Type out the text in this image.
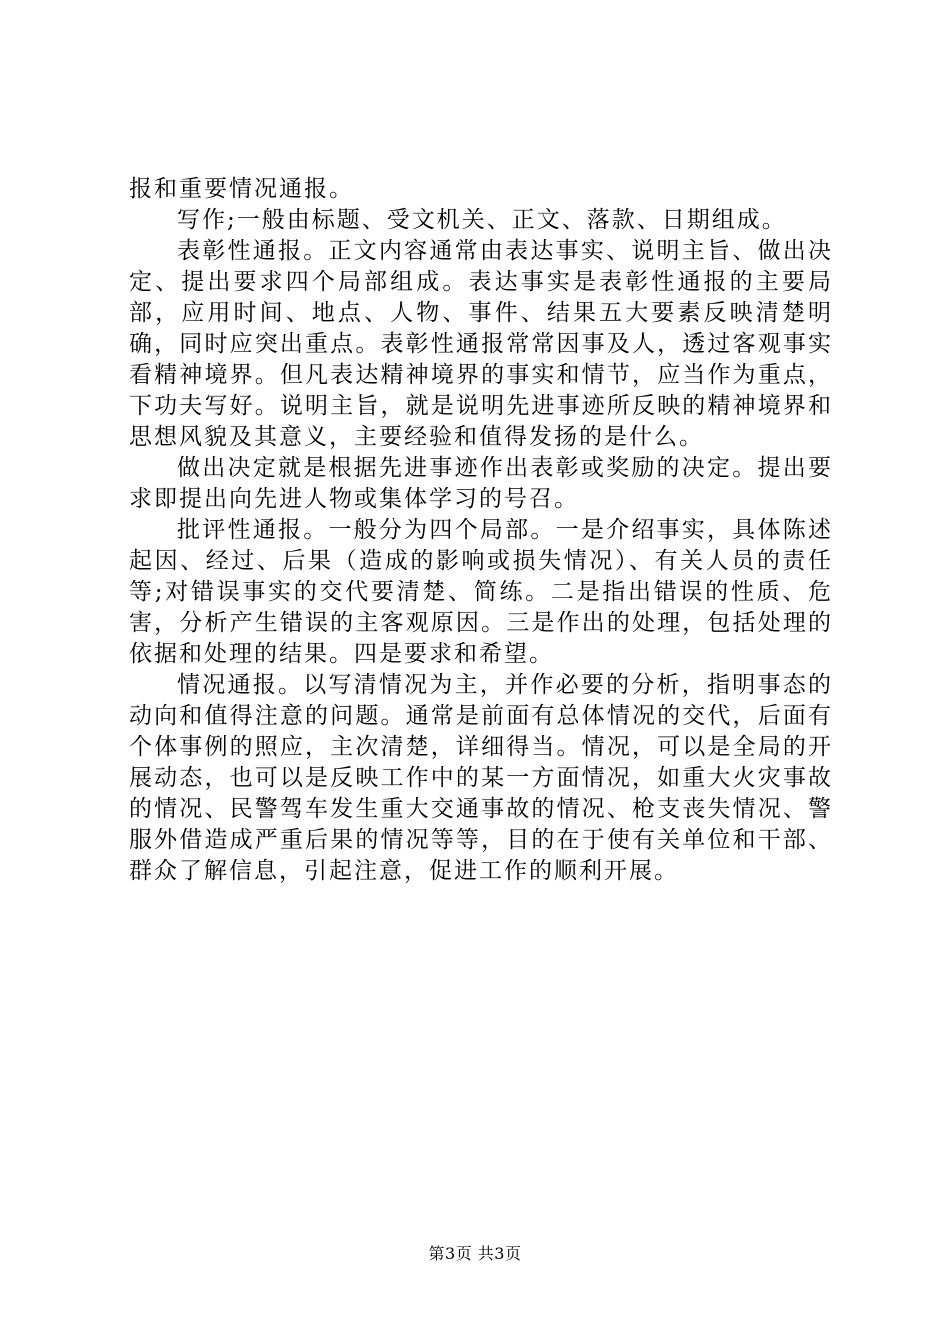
报和重要情况通报。

写作;一般由标题、受文机关、正文、落款、日期组成。

表彰性通报。正文内容通常由表达事实、说明主旨、做出决定、提出要求四个局部组成。表达事实是表彰性通报的主要局部，应用时间、地点、人物、事件、结果五大要素反映清楚明确，同时应突出重点。表彰性通报常常因事及人，透过客观事实看精神境界。但凡表达精神境界的事实和情节，应当作为重点，下功夫写好。说明主旨，就是说明先进事迹所反映的精神境界和思想风貌及其意义，主要经验和值得发扬的是什么。

做出决定就是根据先进事迹作出表彰或奖励的决定。提出要求即提出向先进人物或集体学习的号召。

批评性通报。一般分为四个局部。一是介绍事实，具体陈述起因、经过、后果（造成的影响或损失情况）、有关人员的责任等;对错误事实的交代要清楚、简练。二是指出错误的性质、危害，分析产生错误的主客观原因。三是作出的处理，包括处理的依据和处理的结果。四是要求和希望。

情况通报。以写清情况为主，并作必要的分析，指明事态的动向和值得注意的问题。通常是前面有总体情况的交代，后面有个体事例的照应，主次清楚，详细得当。情况，可以是全局的开展动态，也可以是反映工作中的某一方面情况，如重大火灾事故的情况、民警驾车发生重大交通事故的情况、枪支丧失情况、警服外借造成严重后果的情况等等，目的在于使有关单位和干部、群众了解信息，引起注意，促进工作的顺利开展。

第3页 共3页
